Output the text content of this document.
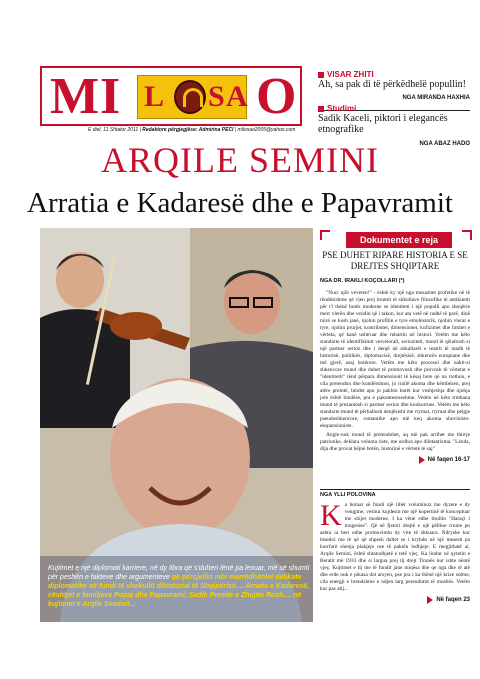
M I L S A O	VISAR ZHITI
Ah, sa pak di të përkëdhelë popullin!
NGA MIRANDA HAXHIA
Studimi
Sadik Kaceli, piktori i elegancës etnografike
NGA ABAZ HADO
E diel, 11 Shtator 2011 | Redaktore përgjegjëse: Admirina PECI | milosao2005@yahoo.com
ARQILE SEMINI
Arratia e Kadaresë dhe e Papavramit
Kujtimet e një diplomati karriere, në dy libra që s'duhen lënë pa lexuar, më së shumti për peshën e fakteve dhe argumenteve që përcjellin mbi marrëdhëniet delikate diplomatike në fundi të shekullit diktatorial të Shqipërisë.... Arratia e Kadaresë, cështjet e familjeve Popaj dhe Papavrami, Sadik Premte e Zhujën Rosh.... në kujtimet e Arqile Seminit...
Dokumentet e reja
PSE DUHET RIPARE HISTORIA E SE DREJTES SHQIPTARE
NGA DR. IRAKLI KOÇOLLARI (*)

"Nuci njih veveten!" - është ky një nga mesazhet profetike në të rëndësishme që vjen prej brumit të shkollave filozofike të antikitetit për t'i thënë botës moderne se identiteti i një populli apo shoqërie merr vlerën dhe vendin që i takon, kur ata vetë në radhë të parë, dinë mirë se kush janë, njohin profilin e tyre etnohistorik, njohin vlerat e tyre, njohin prurjet, kontributet, dimensionet, kufizimet dhe limitet e vërteta, që kanë ushtruar dhe mbartin në histori. Vetëm me këto standarte të identifikimit vetvetorall, serioziteti, mund të qëndrosh si një partner serioz dhe i denjë në shkallarët e teatrit të madh të historisë, politikës, diplomacisë, drejtësisë, shkencës europiane dhe më gjerë, asaj botërore. Vetëm me këto procesoi dhe nakti-si shkencore mund dhe duhet të promovosh dhe provosh të vërtetat e "identitetit" tënd përpara dimensionit të kësaj bote që na rrethon, e cila pretendon dhe kundërshton, jo rrallë akoma dhe këmbëzen, prej atëre premtë, bindet apo jo pakhin botët kur veshjeshja dhe njohja jote është bindëse, pra e pakontestueshme. Vetëm në këto rrethana mund të prezantosh si partner serioz dhe konkurrues. Vetëm me këto standarte mund të përballosh denjësisht me rrymat, rrymat dhe pelgje pseudoshkencore, romantike apo më keq akoma shovinisto-ekspansioniste.

Angle-nuk mund të pretendohet, aq më pak arrihet me thirrje patriotike, deklara volunta riste, me urdhra apo diletantizma. "Lénda, dija dhe provat bëjnë botën, historinë e vërtetë të saj"

Në faqen 16-17
NGA YLLI POLOVINA
Ka botuar së fundi një libër voluminoz me dyzete e dy vengjme, veshur kujdesin me një kopertinë të konceptuar me shijet moderne. I ka vënë edhe titullin "Haraçi i mogesise". Që në fjetori drejtë e një pëllëse rrunte po ashtu ia beri edhe promovimin dy vite të shkuara. Ndryshe kur bisedoi me të që që shpesh dallet se i kryhdo në një mesesh pa kurrfarë shenja plakjeje ose të paktën lodhjeje. E megjithatë ai, Arqile Semini, është shtatodhjetë e tetë vjeç. Ka lindur në qytetin e Beratit më 1933 dhe si largua prej tij drejt Tiranës kur ishte nëntë vjeç. Kujtimet e tij me të fundit jane miqësa dhe qe nga dhe të atë dhe erde nuk e pikasa dot arsyen, pse pra i ka thënë një krize sotme, cila energji e brendshme e ndjen larg pereudimit të moshës. Vetëm kur pas atij...
Në faqen 23
